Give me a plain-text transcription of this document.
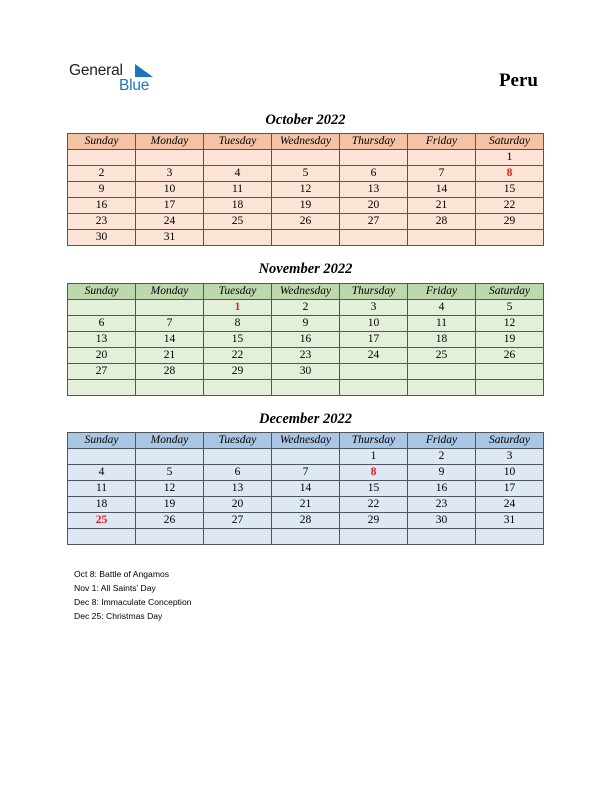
General
Blue	Peru
October 2022
Sunday	Monday	Tuesday	Wednesday	Thursday	Friday	Saturday
						1
2	3	4	5	6	7	8
9	10	11	12	13	14	15
16	17	18	19	20	21	22
23	24	25	26	27	28	29
30	31					
November 2022
Sunday	Monday	Tuesday	Wednesday	Thursday	Friday	Saturday
		1	2	3	4	5
6	7	8	9	10	11	12
13	14	15	16	17	18	19
20	21	22	23	24	25	26
27	28	29	30			

December 2022
Sunday	Monday	Tuesday	Wednesday	Thursday	Friday	Saturday
				1	2	3
4	5	6	7	8	9	10
11	12	13	14	15	16	17
18	19	20	21	22	23	24
25	26	27	28	29	30	31

Oct 8: Battle of Angamos
Nov 1: All Saints’ Day
Dec 8: Immaculate Conception
Dec 25: Christmas Day
